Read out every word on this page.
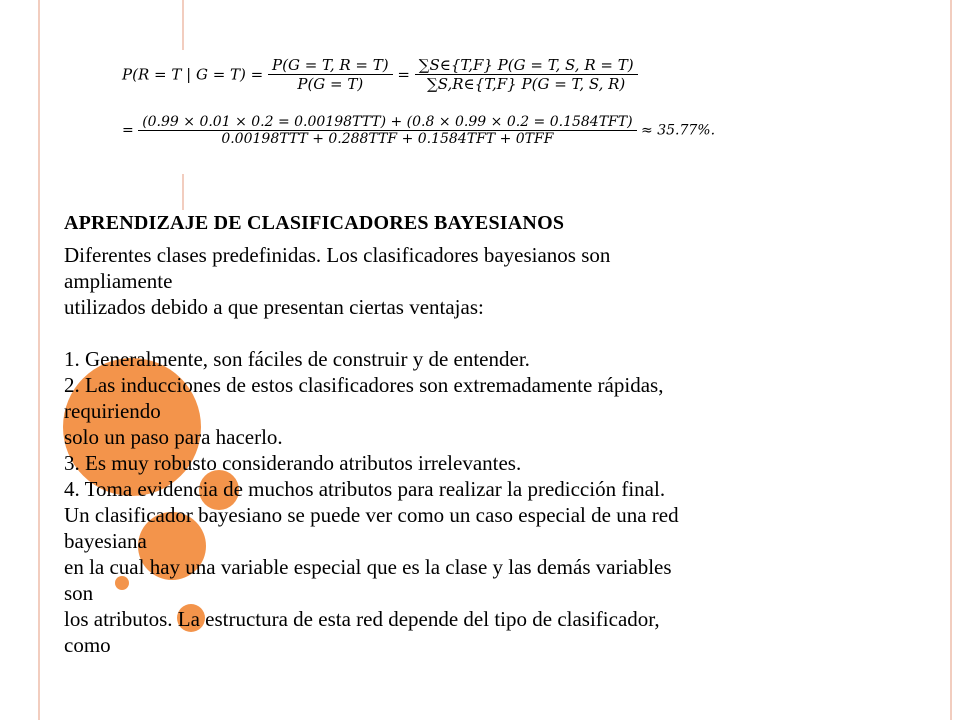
P(R = T | $G = T) = \frac{P(G = T, R = T)}{P(G = T)} = \frac{\sum S\in\{T,F\} P(G = T, S, R = T)}{\sum S,R\in\{T,F\} P(G = T, S, R)}$
=
(0.99 × 0.01 × 0.2 = 0.00198TTT) + (0.8 × 0.99 × 0.2 = 0.1584TFT)
0.00198TTT + 0.288TTF + 0.1584TFT + 0TFF
≈ 35.77%.
APRENDIZAJE DE CLASIFICADORES BAYESIANOS
Diferentes clases predefinidas. Los clasificadores bayesianos son
ampliamente
utilizados debido a que presentan ciertas ventajas:
1. Generalmente, son fáciles de construir y de entender.
2. Las inducciones de estos clasificadores son extremadamente rápidas,
requiriendo
solo un paso para hacerlo.
3. Es muy robusto considerando atributos irrelevantes.
4. Toma evidencia de muchos atributos para realizar la predicción final.
Un clasificador bayesiano se puede ver como un caso especial de una red
bayesiana
en la cual hay una variable especial que es la clase y las demás variables
son
los atributos. La estructura de esta red depende del tipo de clasificador,
como
